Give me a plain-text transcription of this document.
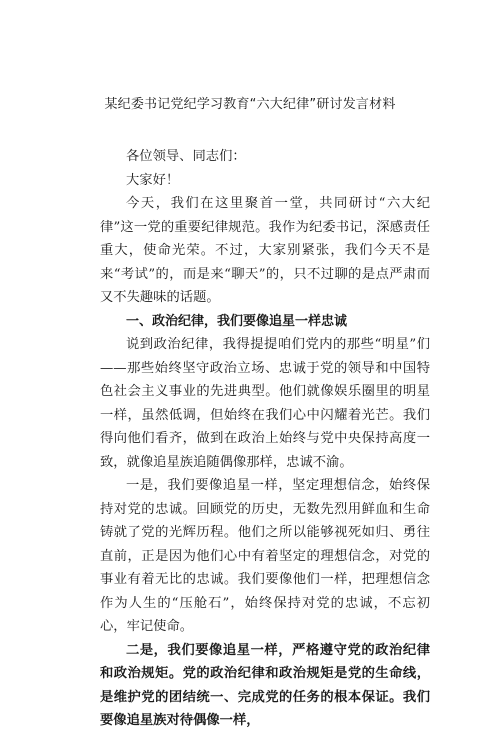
某纪委书记党纪学习教育“六大纪律”研讨发言材料

各位领导、同志们：

大家好！

今天，我们在这里聚首一堂，共同研讨“六大纪律”这一党的重要纪律规范。我作为纪委书记，深感责任重大，使命光荣。不过，大家别紧张，我们今天不是来“考试”的，而是来“聊天”的，只不过聊的是点严肃而又不失趣味的话题。

一、政治纪律，我们要像追星一样忠诚

说到政治纪律，我得提提咱们党内的那些“明星”们——那些始终坚守政治立场、忠诚于党的领导和中国特色社会主义事业的先进典型。他们就像娱乐圈里的明星一样，虽然低调，但始终在我们心中闪耀着光芒。我们得向他们看齐，做到在政治上始终与党中央保持高度一致，就像追星族追随偶像那样，忠诚不渝。

一是，我们要像追星一样，坚定理想信念，始终保持对党的忠诚。回顾党的历史，无数先烈用鲜血和生命铸就了党的光辉历程。他们之所以能够视死如归、勇往直前，正是因为他们心中有着坚定的理想信念，对党的事业有着无比的忠诚。我们要像他们一样，把理想信念作为人生的“压舱石”，始终保持对党的忠诚，不忘初心，牢记使命。

二是，我们要像追星一样，严格遵守党的政治纪律和政治规矩。党的政治纪律和政治规矩是党的生命线，是维护党的团结统一、完成党的任务的根本保证。我们要像追星族对待偶像一样，
